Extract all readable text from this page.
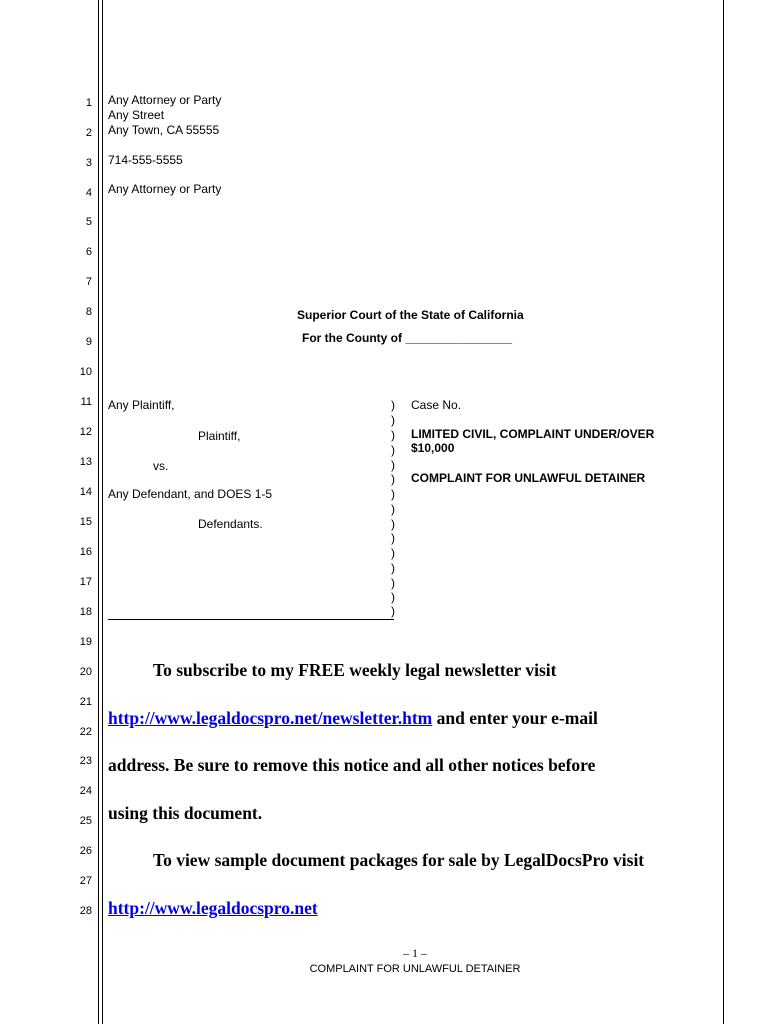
1
2
3
4
5
6
7
8
9
10
11
12
13
14
15
16
17
18
19
20
21
22
23
24
25
26
27
28
Any Attorney or Party
Any Street
Any Town, CA 55555
714-555-5555
Any Attorney or Party
Superior Court of the State of California
For the County of ________________
Any Plaintiff,
Plaintiff,
vs.
Any Defendant, and DOES 1-5
Defendants.
)
)
)
)
)
)
)
)
)
)
)
)
)
)
)
Case No.
LIMITED CIVIL, COMPLAINT UNDER/OVER
$10,000
COMPLAINT FOR UNLAWFUL DETAINER
To subscribe to my FREE weekly legal newsletter visit
http://www.legaldocspro.net/newsletter.htm and enter your e-mail
address. Be sure to remove this notice and all other notices before
using this document.
To view sample document packages for sale by LegalDocsPro visit
http://www.legaldocspro.net
– 1 –
COMPLAINT FOR UNLAWFUL DETAINER
